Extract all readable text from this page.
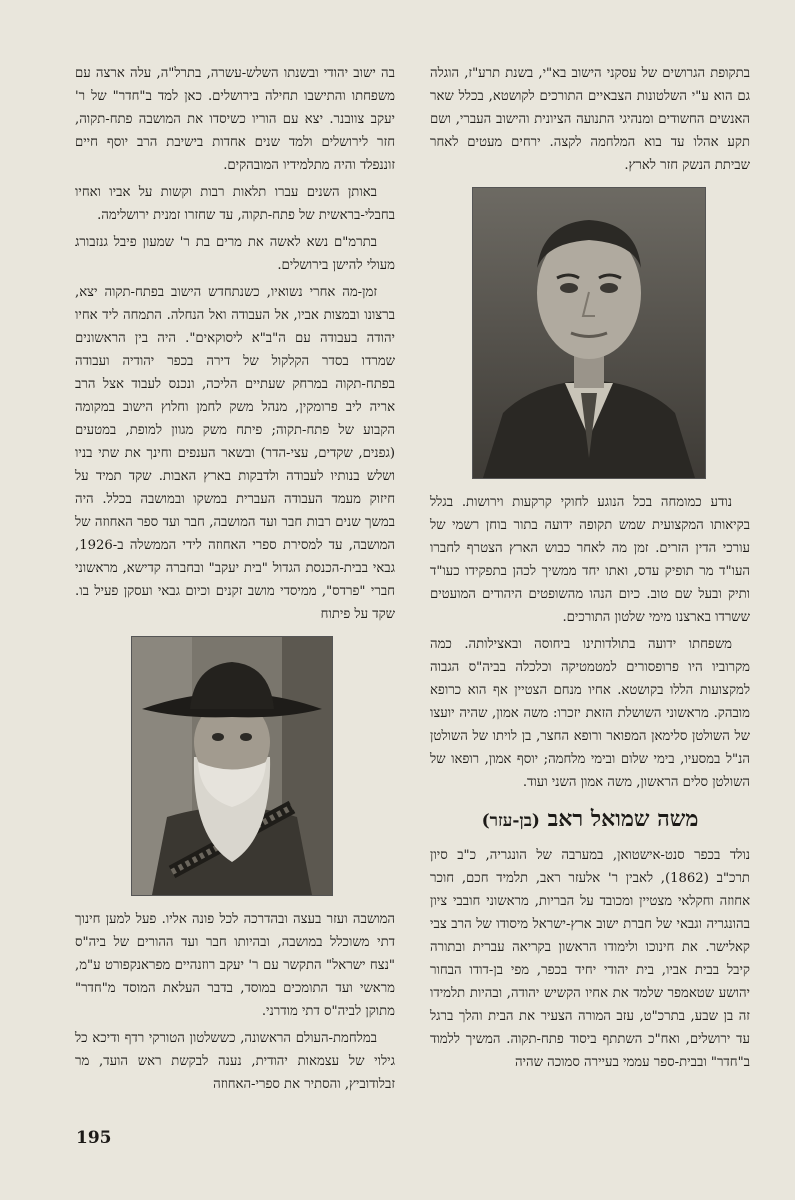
בתקופת הגרושים של עסקני הישוב בא"י, בשנת תרע"ז, הוגלה גם הוא ע"י השלטונות הצבאיים התורכים לקושטא, בכלל שאר האנשים החשודים ומנהיגי התנועה הציונית והישוב העברי, ושם תקע אהלו עד בוא המלחמה לקצה. ירחים מעטים לאחר שביתת הנשק חזר לארץ.

נודע כמומחה בכל הנוגע לחוקי קרקעות וירושות. בגלל בקיאותו המקצועית שמש תקופה ידועה בתור בוחן רשמי של עורכי הדין הזרים. זמן מה לאחר כבוש הארץ הצטרף לחברו העו"ד מר תופיק עדס, ואתו יחד ממשיך לכהן בתפקידו כעו"ד ותיק ובעל שם טוב. כיום הנהו מהשופטים היהודים המועטים ששרדו בארצנו מימי שלטון התורכים.

משפחתו ידועה בתולדותינו ביחוסה ובאצילותה. כמה מקרוביו היו פרופסורים למטמטיקה וכלכלה בביה"ס הגבוה למקצועות הללו בקושטא. אחיו מנחם הצטיין אף הוא כרופא מובהק. מראשוני השושלת הזאת יזכרו: משה אמון, שהיה יועצו של השולטן סלימאן המפואר ורופא החצר, בן לויתו של השולטן הנ"ל במסעיו, בימי שלום ובימי מלחמה; יוסף אמון, רופאו של השולטן סלים הראשון, משה אמון השני ועוד.

משה שמואל ראב (בן-עזר)

נולד בכפר סנט-אישטואן, במערבה של הונגריה, כ"ב סיון תרכ"ב (1862), לאבין ר' אלעזר ראב, תלמיד חכם, חוכר אחוזה וחקלאי מצטיין ומכובד על הבריות, מראשוני חובבי ציון בהונגריה וגבאי של חברת ישוב ארץ-ישראל מיסודו של הרב צבי קאלישר. את חינוכו ולימודו הראשון בקריאה עברית ובתורה קיבל בבית אביו, בית יהודי יחיד בכפר, מפי בן-דודו הבחור יהושע שטאמפר שלמד את אחיו הקשיש יהודה, ובהיות תלמידו זה בן שבע, בתרכ"ט, עזב המורה הצעיר את הבית והלך ברגל עד ירושלים, ואח"כ השתתף ביסוד פתח-תקוה. המשיך ללמוד ב"חדר" ובבית-ספר עממי בעיירה סמוכה שהיה

בה ישוב יהודי ובשנתו השלש-עשרה, בתרל"ה, עלה ארצה עם משפחתו והתישבו תחילה בירושלים. כאן למד ב"חדר" של ר' יעקב צוובנר. יצא עם הוריו כשיסדו את המושבה פתח-תקוה, חזר לירושלים ולמד שנים אחדות בישיבת הרב יוסף חיים זוננפלד והיה מתלמידיו המובהקים.

באותן השנים עברו תלאות רבות וקשות על אביו ואחיו בחבלי-בראשית של פתח-תקוה, עד שחזרו זמנית ירושלימה.

בתרמ"ם נשא לאשה את מרים בת ר' שמעון פיבל גנזבורג מעולי להישן בירושלים.

זמן-מה אחרי נשואיו, כשנתחדש הישוב בפתח-תקוה יצא, ברצונו ובמצות אביו, אל העבודה ואל הנחלה. התמחה ליד אחיו יהודה בעבודה עם ה"ב"א ליסוקאים". היה בין הראשונים שמרדו בסדר הקלקול של דירה בכפר יהודיה ועבודה בפתח-תקוה במרחק שעתיים הליכה, ונכנס לעבוד אצל הרב אריה ליב פרומקין, מנהל משק לחמן וחלוץ הישוב במקומה הקבוע של פתח-תקוה; פיתח משק מגוון למופת, במטעים (גפנים, שקדים, עצי-הדר) ובשאר הענפים וחינך את שתי בניו ושלש בנותיו לעבודה ולדבקות בארץ האבות. שקד תמיד על חיזוק מעמד העבודה העברית במשקו ובמושבה בכלל. היה במשך שנים רבות חבר ועד המושבה, חבר ועד ספר האחוזה של המושבה, עד למסירת ספרי האחוזה לידי הממשלה ב-1926, גבאי בבית-הכנסת הגדול "בית יעקב" ובחברה קדישא, מראשוני חברי "פרדס", ממיסדי מושב זקנים וכיום גבאי ועסקן פעיל בו. שקד על פיתוח

המושבה ועזר בעצה ובהדרכה לכל פונה אליו. פעל למען חינוך דתי משוכלל במושבה, ובהיותו חבר ועד ההורים של ביה"ס "נצח ישראל" התקשר עם ר' יעקב רוזנהיים מפראנקפורט ע"מ, מראשי ועד התומכים במוסד, בדבר העלאת המוסד מ"חדר" מתוקן לביה"ס דתי מודרני.

במלחמת-העולם הראשונה, כששלטון הטורקי רדף ודיכא כל גילוי של עצמאות יהודית, נענה לבקשת ראש הועד, מר זבלודוביץ, והסתיר את ספרי-האחוזה

195
